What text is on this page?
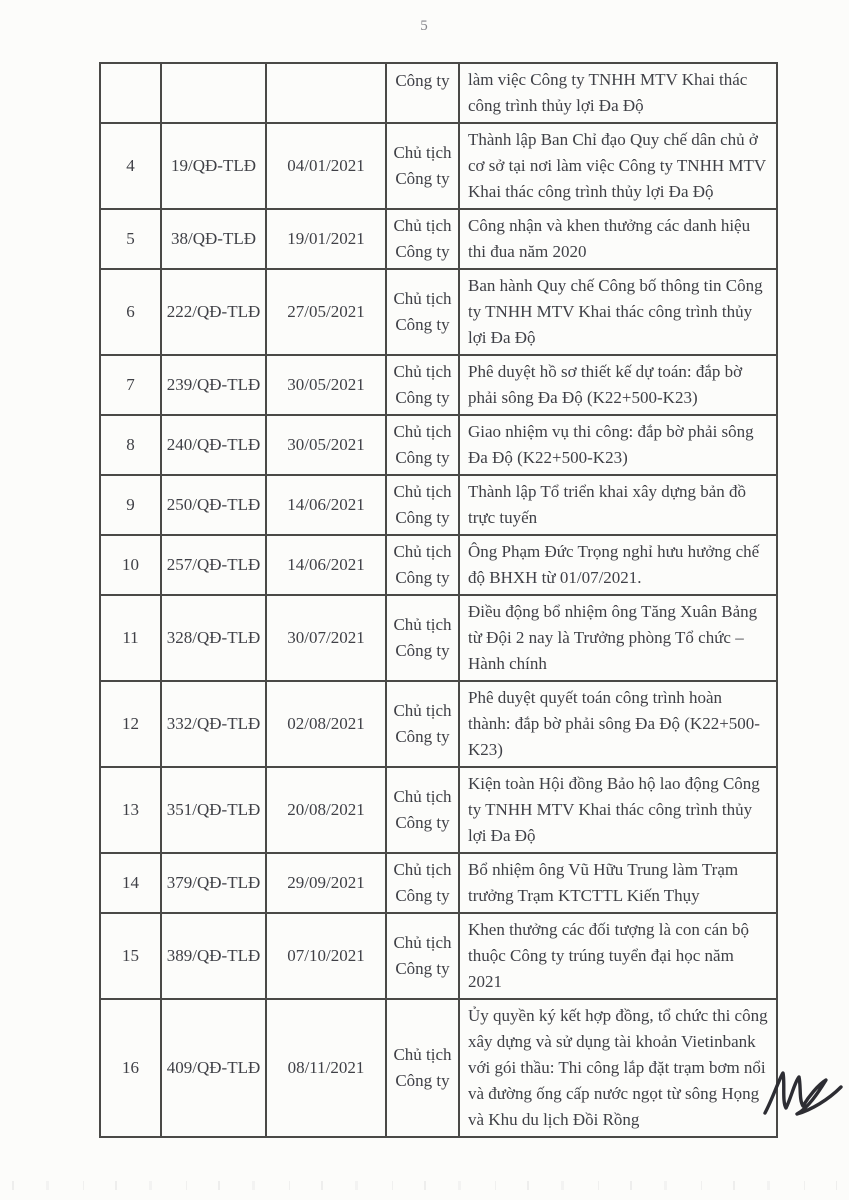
5
			Công ty	làm việc Công ty TNHH MTV Khai thác công trình thủy lợi Đa Độ
4	19/QĐ-TLĐ	04/01/2021	Chủ tịch Công ty	Thành lập Ban Chỉ đạo Quy chế dân chủ ở cơ sở tại nơi làm việc Công ty TNHH MTV Khai thác công trình thủy lợi Đa Độ
5	38/QĐ-TLĐ	19/01/2021	Chủ tịch Công ty	Công nhận và khen thưởng các danh hiệu thi đua năm 2020
6	222/QĐ-TLĐ	27/05/2021	Chủ tịch Công ty	Ban hành Quy chế Công bố thông tin Công ty TNHH MTV Khai thác công trình thủy lợi Đa Độ
7	239/QĐ-TLĐ	30/05/2021	Chủ tịch Công ty	Phê duyệt hồ sơ thiết kế dự toán: đắp bờ phải sông Đa Độ (K22+500-K23)
8	240/QĐ-TLĐ	30/05/2021	Chủ tịch Công ty	Giao nhiệm vụ thi công: đắp bờ phải sông Đa Độ (K22+500-K23)
9	250/QĐ-TLĐ	14/06/2021	Chủ tịch Công ty	Thành lập Tổ triển khai xây dựng bản đồ trực tuyến
10	257/QĐ-TLĐ	14/06/2021	Chủ tịch Công ty	Ông Phạm Đức Trọng nghỉ hưu hưởng chế độ BHXH từ 01/07/2021.
11	328/QĐ-TLĐ	30/07/2021	Chủ tịch Công ty	Điều động bổ nhiệm ông Tăng Xuân Bảng từ Đội 2 nay là Trưởng phòng Tổ chức – Hành chính
12	332/QĐ-TLĐ	02/08/2021	Chủ tịch Công ty	Phê duyệt quyết toán công trình hoàn thành: đắp bờ phải sông Đa Độ (K22+500-K23)
13	351/QĐ-TLĐ	20/08/2021	Chủ tịch Công ty	Kiện toàn Hội đồng Bảo hộ lao động Công ty TNHH MTV Khai thác công trình thủy lợi Đa Độ
14	379/QĐ-TLĐ	29/09/2021	Chủ tịch Công ty	Bổ nhiệm ông Vũ Hữu Trung làm Trạm trưởng Trạm KTCTTL Kiến Thụy
15	389/QĐ-TLĐ	07/10/2021	Chủ tịch Công ty	Khen thưởng các đối tượng là con cán bộ thuộc Công ty trúng tuyển đại học năm 2021
16	409/QĐ-TLĐ	08/11/2021	Chủ tịch Công ty	Ủy quyền ký kết hợp đồng, tổ chức thi công xây dựng và sử dụng tài khoản Vietinbank với gói thầu: Thi công lắp đặt trạm bơm nổi và đường ống cấp nước ngọt từ sông Họng và Khu du lịch Đồi Rồng
